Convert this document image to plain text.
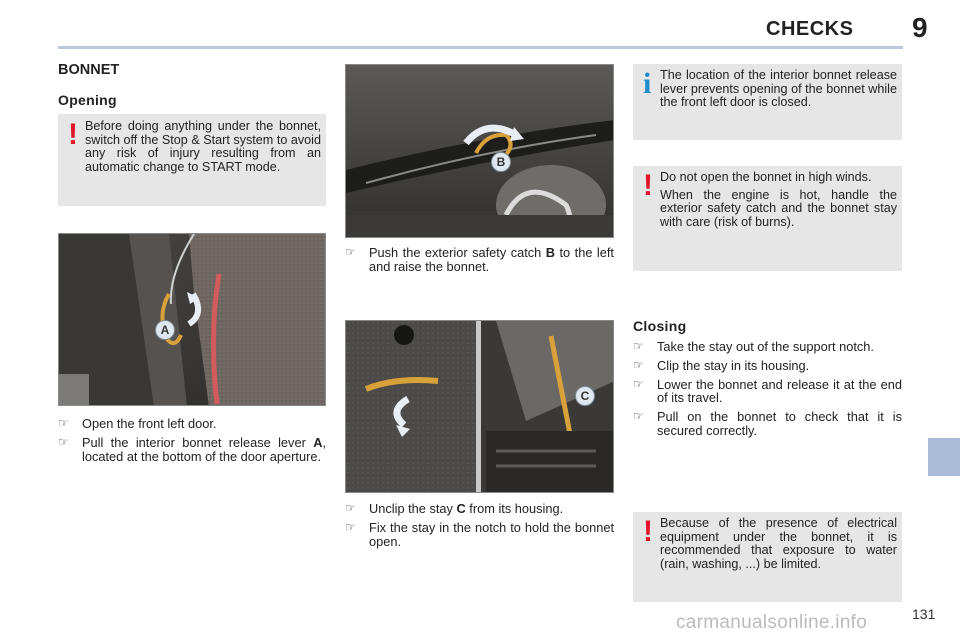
CHECKS 9
BONNET
Opening
! Before doing anything under the bonnet, switch off the Stop & Start system to avoid any risk of injury resulting from an automatic change to START mode.
A
☞ Open the front left door.
☞ Pull the interior bonnet release lever A, located at the bottom of the door aperture.
B
☞ Push the exterior safety catch B to the left and raise the bonnet.
C
☞ Unclip the stay C from its housing.
☞ Fix the stay in the notch to hold the bonnet open.
i The location of the interior bonnet release lever prevents opening of the bonnet while the front left door is closed.
! Do not open the bonnet in high winds.

When the engine is hot, handle the exterior safety catch and the bonnet stay with care (risk of burns).

Closing
☞ Take the stay out of the support notch.
☞ Clip the stay in its housing.
☞ Lower the bonnet and release it at the end of its travel.
☞ Pull on the bonnet to check that it is secured correctly.
! Because of the presence of electrical equipment under the bonnet, it is recommended that exposure to water (rain, washing, ...) be limited.
carmanualsonline.info	131
